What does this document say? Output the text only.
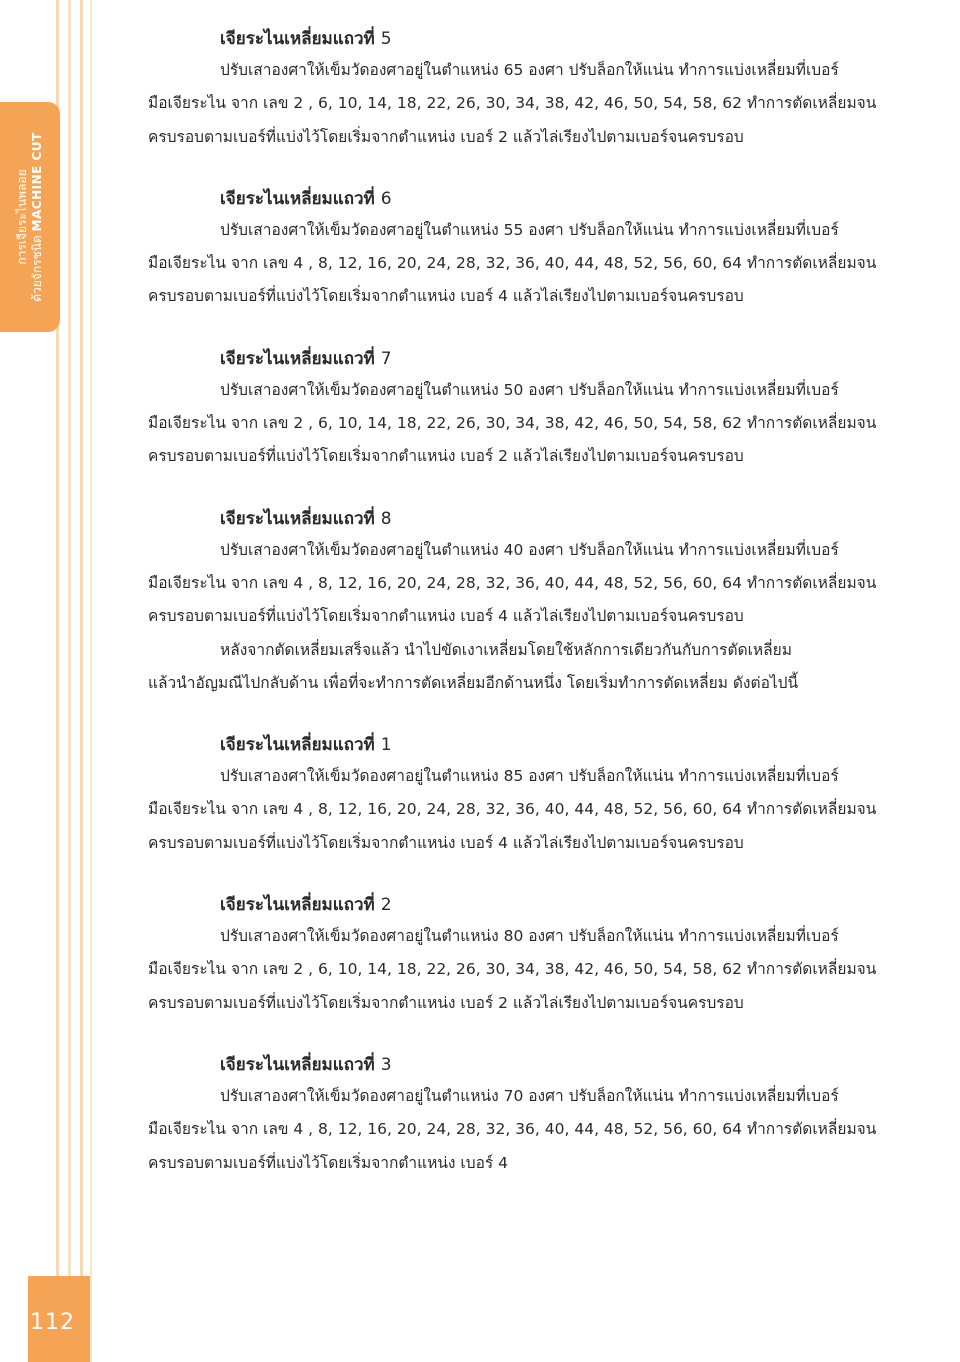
การเจียระไนพลอย
ด้วยจักรชนิด MACHINE CUT
112

เจียระไนเหลี่ยมแถวที่ 5

ปรับเสาองศาให้เข็มวัดองศาอยู่ในตำแหน่ง 65 องศา ปรับล็อกให้แน่น ทำการแบ่งเหลี่ยมที่เบอร์
มือเจียระไน จาก เลข 2 , 6, 10, 14, 18, 22, 26, 30, 34, 38, 42, 46, 50, 54, 58, 62 ทำการตัดเหลี่ยมจน
ครบรอบตามเบอร์ที่แบ่งไว้โดยเริ่มจากตำแหน่ง เบอร์ 2 แล้วไล่เรียงไปตามเบอร์จนครบรอบ

เจียระไนเหลี่ยมแถวที่ 6

ปรับเสาองศาให้เข็มวัดองศาอยู่ในตำแหน่ง 55 องศา ปรับล็อกให้แน่น ทำการแบ่งเหลี่ยมที่เบอร์
มือเจียระไน จาก เลข 4 , 8, 12, 16, 20, 24, 28, 32, 36, 40, 44, 48, 52, 56, 60, 64 ทำการตัดเหลี่ยมจน
ครบรอบตามเบอร์ที่แบ่งไว้โดยเริ่มจากตำแหน่ง เบอร์ 4 แล้วไล่เรียงไปตามเบอร์จนครบรอบ

เจียระไนเหลี่ยมแถวที่ 7

ปรับเสาองศาให้เข็มวัดองศาอยู่ในตำแหน่ง 50 องศา ปรับล็อกให้แน่น ทำการแบ่งเหลี่ยมที่เบอร์
มือเจียระไน จาก เลข 2 , 6, 10, 14, 18, 22, 26, 30, 34, 38, 42, 46, 50, 54, 58, 62 ทำการตัดเหลี่ยมจน
ครบรอบตามเบอร์ที่แบ่งไว้โดยเริ่มจากตำแหน่ง เบอร์ 2 แล้วไล่เรียงไปตามเบอร์จนครบรอบ

เจียระไนเหลี่ยมแถวที่ 8

ปรับเสาองศาให้เข็มวัดองศาอยู่ในตำแหน่ง 40 องศา ปรับล็อกให้แน่น ทำการแบ่งเหลี่ยมที่เบอร์
มือเจียระไน จาก เลข 4 , 8, 12, 16, 20, 24, 28, 32, 36, 40, 44, 48, 52, 56, 60, 64 ทำการตัดเหลี่ยมจน
ครบรอบตามเบอร์ที่แบ่งไว้โดยเริ่มจากตำแหน่ง เบอร์ 4 แล้วไล่เรียงไปตามเบอร์จนครบรอบ

หลังจากตัดเหลี่ยมเสร็จแล้ว นำไปขัดเงาเหลี่ยมโดยใช้หลักการเดียวกันกับการตัดเหลี่ยม
แล้วนำอัญมณีไปกลับด้าน เพื่อที่จะทำการตัดเหลี่ยมอีกด้านหนึ่ง โดยเริ่มทำการตัดเหลี่ยม ดังต่อไปนี้

เจียระไนเหลี่ยมแถวที่ 1

ปรับเสาองศาให้เข็มวัดองศาอยู่ในตำแหน่ง 85 องศา ปรับล็อกให้แน่น ทำการแบ่งเหลี่ยมที่เบอร์
มือเจียระไน จาก เลข 4 , 8, 12, 16, 20, 24, 28, 32, 36, 40, 44, 48, 52, 56, 60, 64 ทำการตัดเหลี่ยมจน
ครบรอบตามเบอร์ที่แบ่งไว้โดยเริ่มจากตำแหน่ง เบอร์ 4 แล้วไล่เรียงไปตามเบอร์จนครบรอบ

เจียระไนเหลี่ยมแถวที่ 2

ปรับเสาองศาให้เข็มวัดองศาอยู่ในตำแหน่ง 80 องศา ปรับล็อกให้แน่น ทำการแบ่งเหลี่ยมที่เบอร์
มือเจียระไน จาก เลข 2 , 6, 10, 14, 18, 22, 26, 30, 34, 38, 42, 46, 50, 54, 58, 62 ทำการตัดเหลี่ยมจน
ครบรอบตามเบอร์ที่แบ่งไว้โดยเริ่มจากตำแหน่ง เบอร์ 2 แล้วไล่เรียงไปตามเบอร์จนครบรอบ

เจียระไนเหลี่ยมแถวที่ 3

ปรับเสาองศาให้เข็มวัดองศาอยู่ในตำแหน่ง 70 องศา ปรับล็อกให้แน่น ทำการแบ่งเหลี่ยมที่เบอร์
มือเจียระไน จาก เลข 4 , 8, 12, 16, 20, 24, 28, 32, 36, 40, 44, 48, 52, 56, 60, 64 ทำการตัดเหลี่ยมจน
ครบรอบตามเบอร์ที่แบ่งไว้โดยเริ่มจากตำแหน่ง เบอร์ 4
